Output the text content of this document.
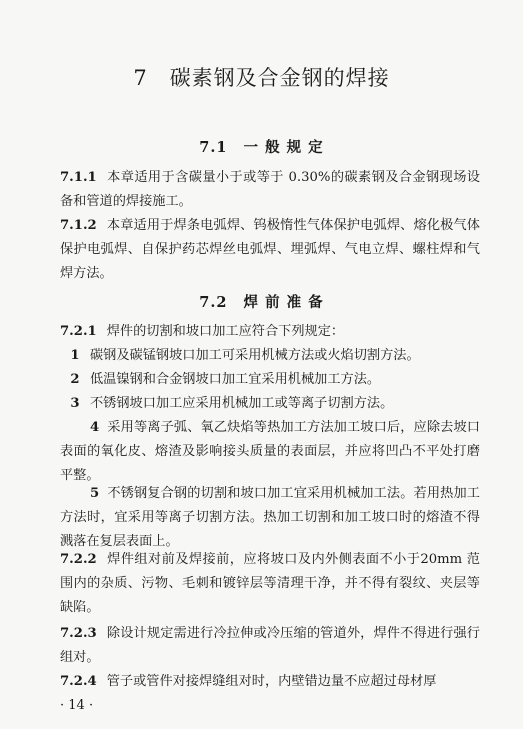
7 碳素钢及合金钢的焊接
7.1 一 般 规 定
7.1.1 本章适用于含碳量小于或等于 0.30%的碳素钢及合金钢现场设备和管道的焊接施工。
7.1.2 本章适用于焊条电弧焊、钨极惰性气体保护电弧焊、熔化极气体保护电弧焊、自保护药芯焊丝电弧焊、埋弧焊、气电立焊、螺柱焊和气焊方法。
7.2 焊 前 准 备
7.2.1 焊件的切割和坡口加工应符合下列规定：
1 碳钢及碳锰钢坡口加工可采用机械方法或火焰切割方法。
2 低温镍钢和合金钢坡口加工宜采用机械加工方法。
3 不锈钢坡口加工应采用机械加工或等离子切割方法。
4 采用等离子弧、氧乙炔焰等热加工方法加工坡口后，应除去坡口表面的氧化皮、熔渣及影响接头质量的表面层，并应将凹凸不平处打磨平整。
5 不锈钢复合钢的切割和坡口加工宜采用机械加工法。若用热加工方法时，宜采用等离子切割方法。热加工切割和加工坡口时的熔渣不得溅落在复层表面上。
7.2.2 焊件组对前及焊接前，应将坡口及内外侧表面不小于20mm 范围内的杂质、污物、毛刺和镀锌层等清理干净，并不得有裂纹、夹层等缺陷。
7.2.3 除设计规定需进行冷拉伸或冷压缩的管道外，焊件不得进行强行组对。
7.2.4 管子或管件对接焊缝组对时，内壁错边量不应超过母材厚
· 14 ·
